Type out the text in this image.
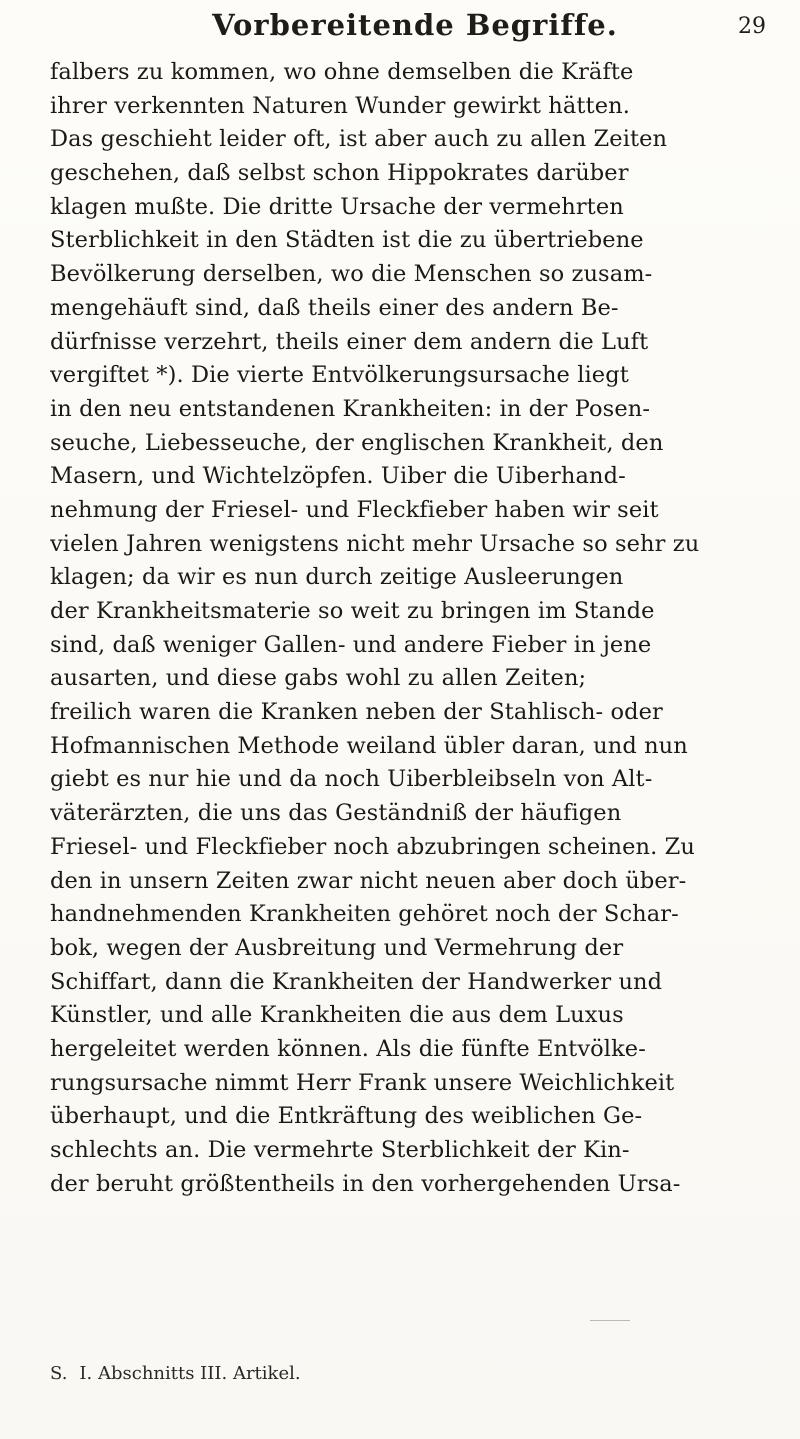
Vorbereitende Begriffe.	29
falbers zu kommen, wo ohne demselben die Kräfte
ihrer verkennten Naturen Wunder gewirkt hätten.
Das geschieht leider oft, ist aber auch zu allen Zeiten
geschehen, daß selbst schon Hippokrates darüber
klagen mußte. Die dritte Ursache der vermehrten
Sterblichkeit in den Städten ist die zu übertriebene
Bevölkerung derselben, wo die Menschen so zusam-
mengehäuft sind, daß theils einer des andern Be-
dürfnisse verzehrt, theils einer dem andern die Luft
vergiftet *). Die vierte Entvölkerungsursache liegt
in den neu entstandenen Krankheiten: in der Posen-
seuche, Liebesseuche, der englischen Krankheit, den
Masern, und Wichtelzöpfen. Uiber die Uiberhand-
nehmung der Friesel- und Fleckfieber haben wir seit
vielen Jahren wenigstens nicht mehr Ursache so sehr zu
klagen; da wir es nun durch zeitige Ausleerungen
der Krankheitsmaterie so weit zu bringen im Stande
sind, daß weniger Gallen- und andere Fieber in jene
ausarten, und diese gabs wohl zu allen Zeiten;
freilich waren die Kranken neben der Stahlisch- oder
Hofmannischen Methode weiland übler daran, und nun
giebt es nur hie und da noch Uiberbleibseln von Alt-
väterärzten, die uns das Geständniß der häufigen
Friesel- und Fleckfieber noch abzubringen scheinen. Zu
den in unsern Zeiten zwar nicht neuen aber doch über-
handnehmenden Krankheiten gehöret noch der Schar-
bok, wegen der Ausbreitung und Vermehrung der
Schiffart, dann die Krankheiten der Handwerker und
Künstler, und alle Krankheiten die aus dem Luxus
hergeleitet werden können. Als die fünfte Entvölke-
rungsursache nimmt Herr Frank unsere Weichlichkeit
überhaupt, und die Entkräftung des weiblichen Ge-
schlechts an. Die vermehrte Sterblichkeit der Kin-
der beruht größtentheils in den vorhergehenden Ursa-
S. I. Abschnitts III. Artikel.
